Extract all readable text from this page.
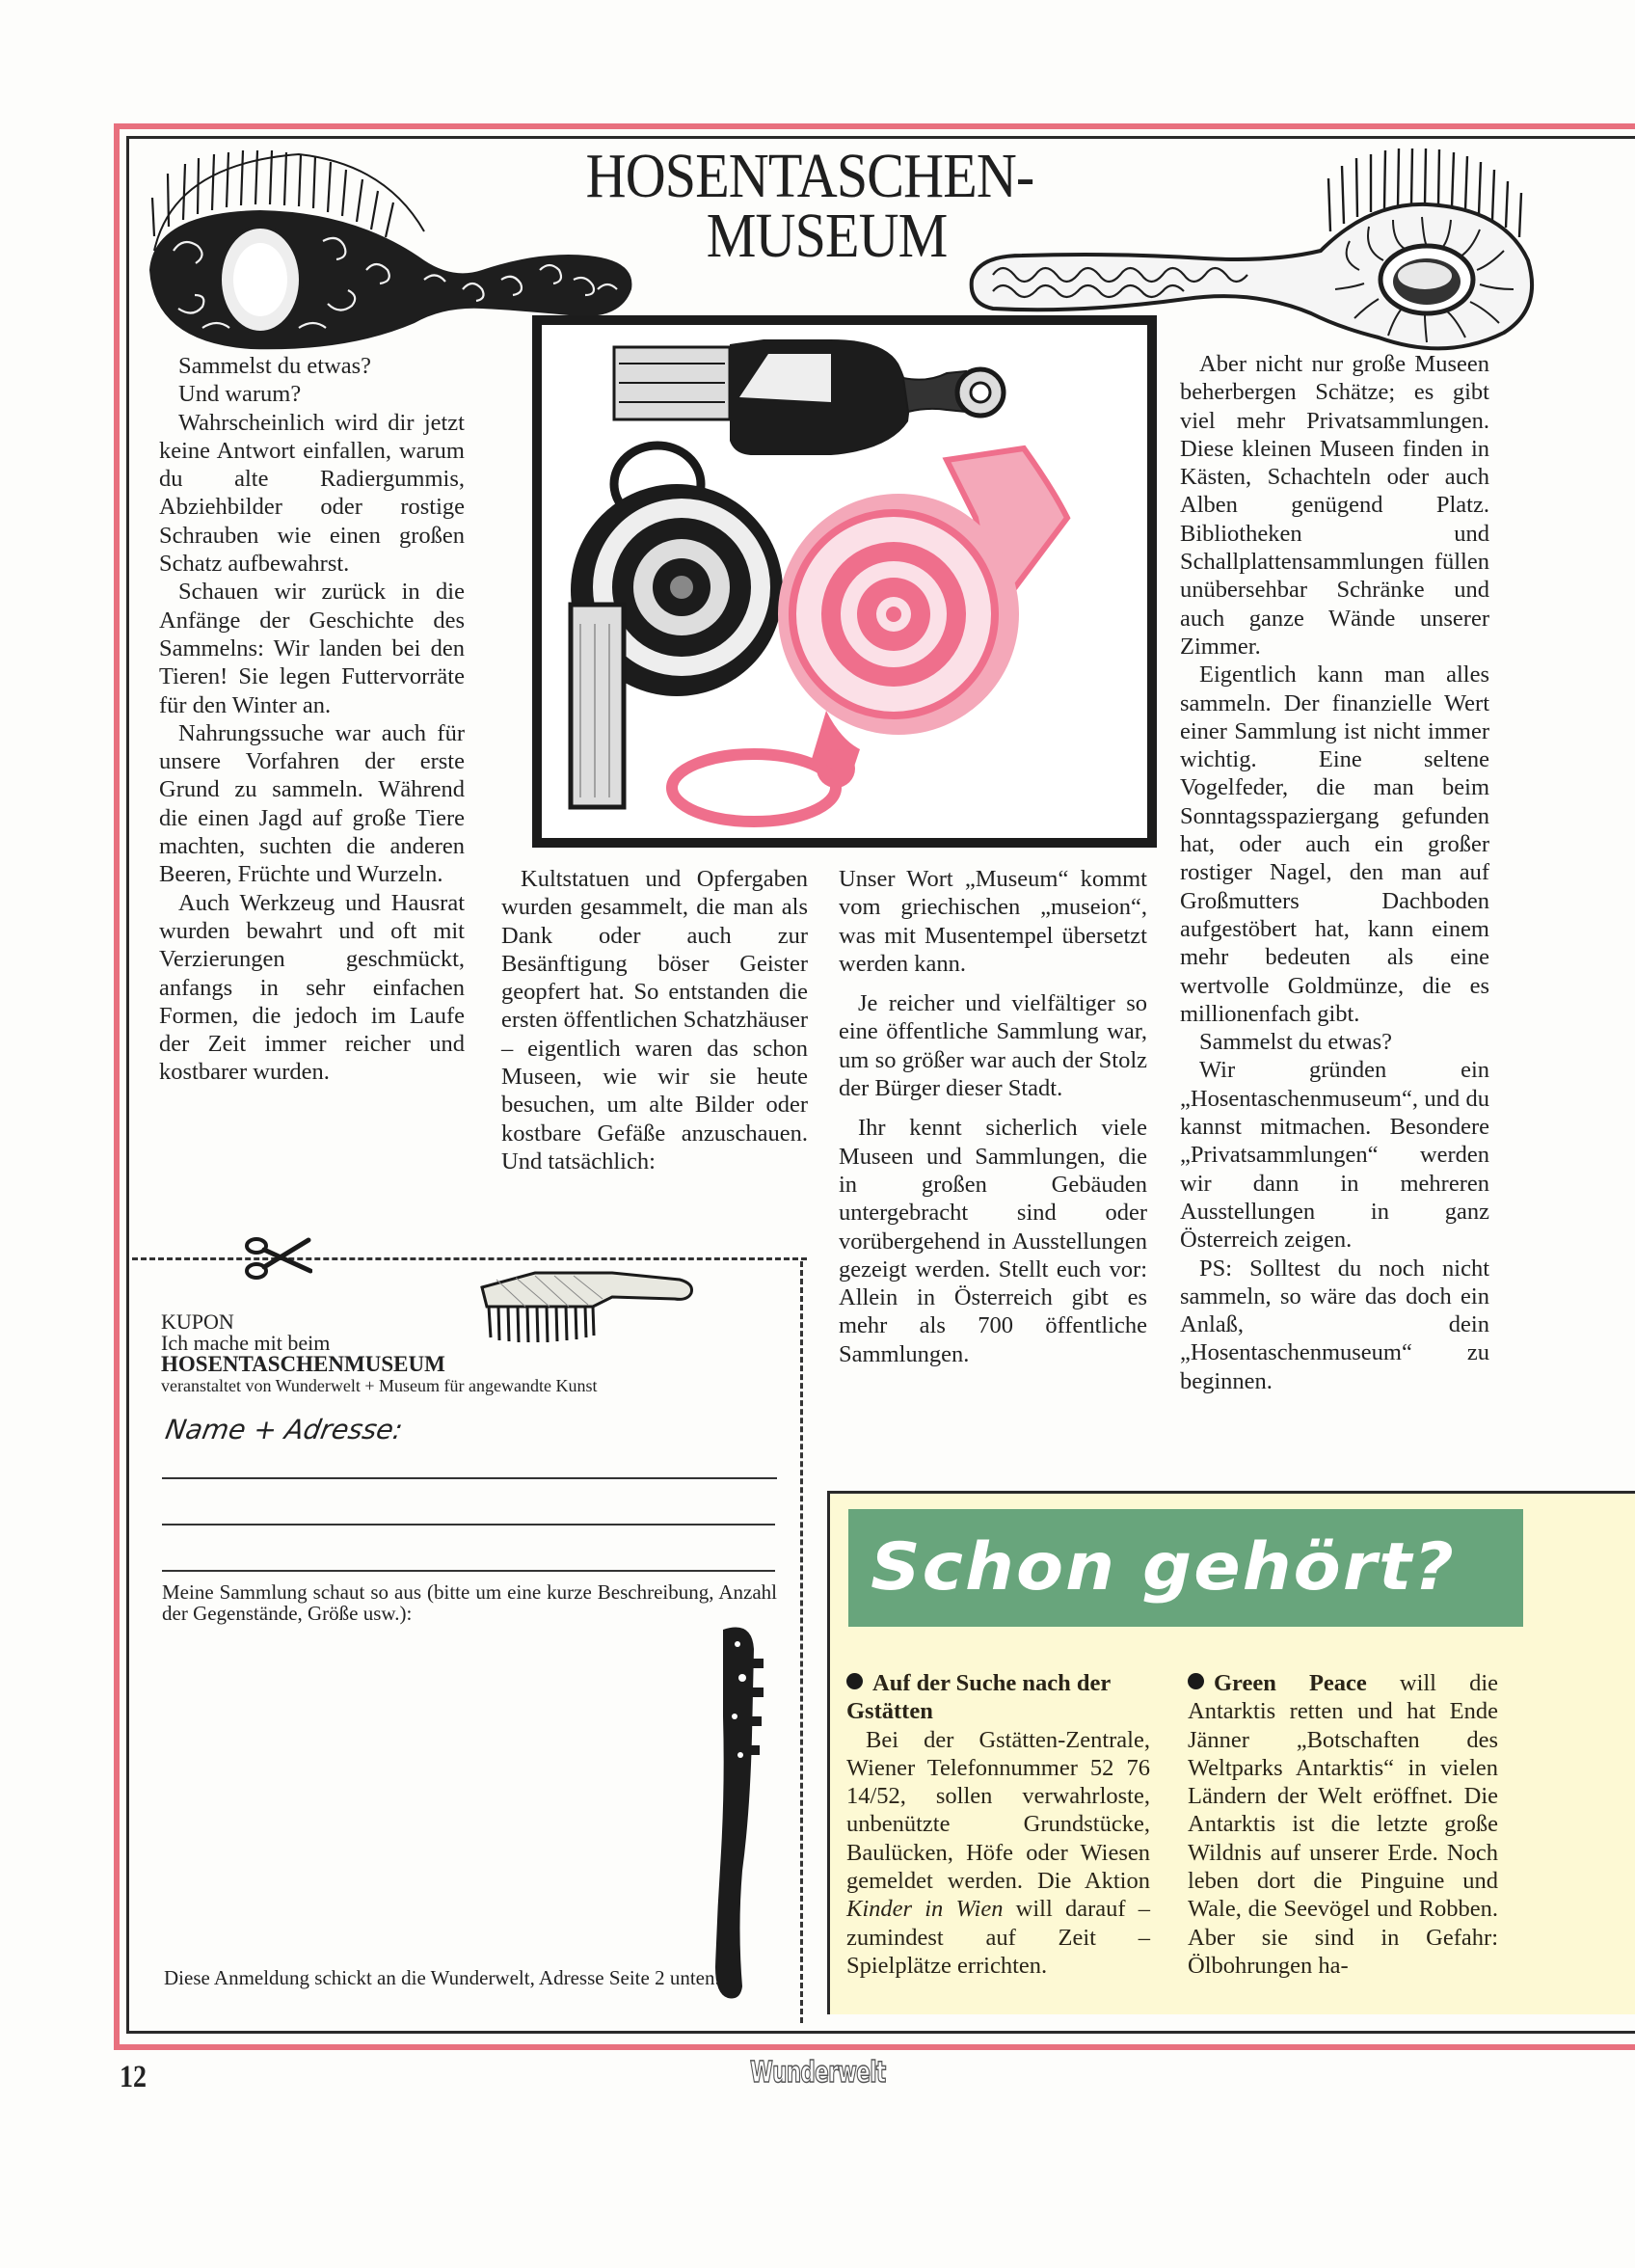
HOSENTASCHEN-
MUSEUM

Sammelst du etwas?

Und warum?

Wahrscheinlich wird dir jetzt keine Antwort einfallen, warum du alte Radiergummis, Abziehbilder oder rostige Schrauben wie einen großen Schatz aufbewahrst.

Schauen wir zurück in die Anfänge der Geschichte des Sammelns: Wir landen bei den Tieren! Sie legen Futtervorräte für den Winter an.

Nahrungssuche war auch für unsere Vorfahren der erste Grund zu sammeln. Während die einen Jagd auf große Tiere machten, suchten die anderen Beeren, Früchte und Wurzeln.

Auch Werkzeug und Hausrat wurden bewahrt und oft mit Verzierungen geschmückt, anfangs in sehr einfachen Formen, die jedoch im Laufe der Zeit immer reicher und kostbarer wurden.

Kultstatuen und Opfergaben wurden gesammelt, die man als Dank oder auch zur Besänftigung böser Geister geopfert hat. So entstanden die ersten öffentlichen Schatzhäuser – eigentlich waren das schon Museen, wie wir sie heute besuchen, um alte Bilder oder kostbare Gefäße anzuschauen. Und tatsächlich:

Unser Wort „Museum“ kommt vom griechischen „museion“, was mit Musentempel übersetzt werden kann.

Je reicher und vielfältiger so eine öffentliche Sammlung war, um so größer war auch der Stolz der Bürger dieser Stadt.

Ihr kennt sicherlich viele Museen und Sammlungen, die in großen Gebäuden untergebracht sind oder vorübergehend in Ausstellungen gezeigt werden. Stellt euch vor: Allein in Österreich gibt es mehr als 700 öffentliche Sammlungen.

Aber nicht nur große Museen beherbergen Schätze; es gibt viel mehr Privatsammlungen. Diese kleinen Museen finden in Kästen, Schachteln oder auch Alben genügend Platz. Bibliotheken und Schallplattensammlungen füllen unübersehbar Schränke und auch ganze Wände unserer Zimmer.

Eigentlich kann man alles sammeln. Der finanzielle Wert einer Sammlung ist nicht immer wichtig. Eine seltene Vogelfeder, die man beim Sonntagsspaziergang gefunden hat, oder auch ein großer rostiger Nagel, den man auf Großmutters Dachboden aufgestöbert hat, kann einem mehr bedeuten als eine wertvolle Goldmünze, die es millionenfach gibt.

Sammelst du etwas?

Wir gründen ein „Hosentaschenmuseum“, und du kannst mitmachen. Besondere „Privatsammlungen“ werden wir dann in mehreren Ausstellungen in ganz Österreich zeigen.

PS: Solltest du noch nicht sammeln, so wäre das doch ein Anlaß, dein „Hosentaschenmuseum“ zu beginnen.

KUPON
Ich mache mit beim
HOSENTASCHENMUSEUM
veranstaltet von Wunderwelt + Museum für angewandte Kunst
Name + Adresse:
Meine Sammlung schaut so aus (bitte um eine kurze Beschreibung, Anzahl der Gegenstände, Größe usw.):
Diese Anmeldung schickt an die Wunderwelt, Adresse Seite 2 unten.
Schon gehört?
Auf der Suche nach der Gstätten

Bei der Gstätten-Zentrale, Wiener Telefonnummer 52 76 14/52, sollen verwahrloste, unbenützte Grundstücke, Baulücken, Höfe oder Wiesen gemeldet werden. Die Aktion Kinder in Wien will darauf – zumindest auf Zeit – Spielplätze errichten.

Green Peace will die Antarktis retten und hat Ende Jänner „Botschaften des Weltparks Antarktis“ in vielen Ländern der Welt eröffnet. Die Antarktis ist die letzte große Wildnis auf unserer Erde. Noch leben dort die Pinguine und Wale, die Seevögel und Robben. Aber sie sind in Gefahr: Ölbohrungen ha-
12	Wunderwelt
